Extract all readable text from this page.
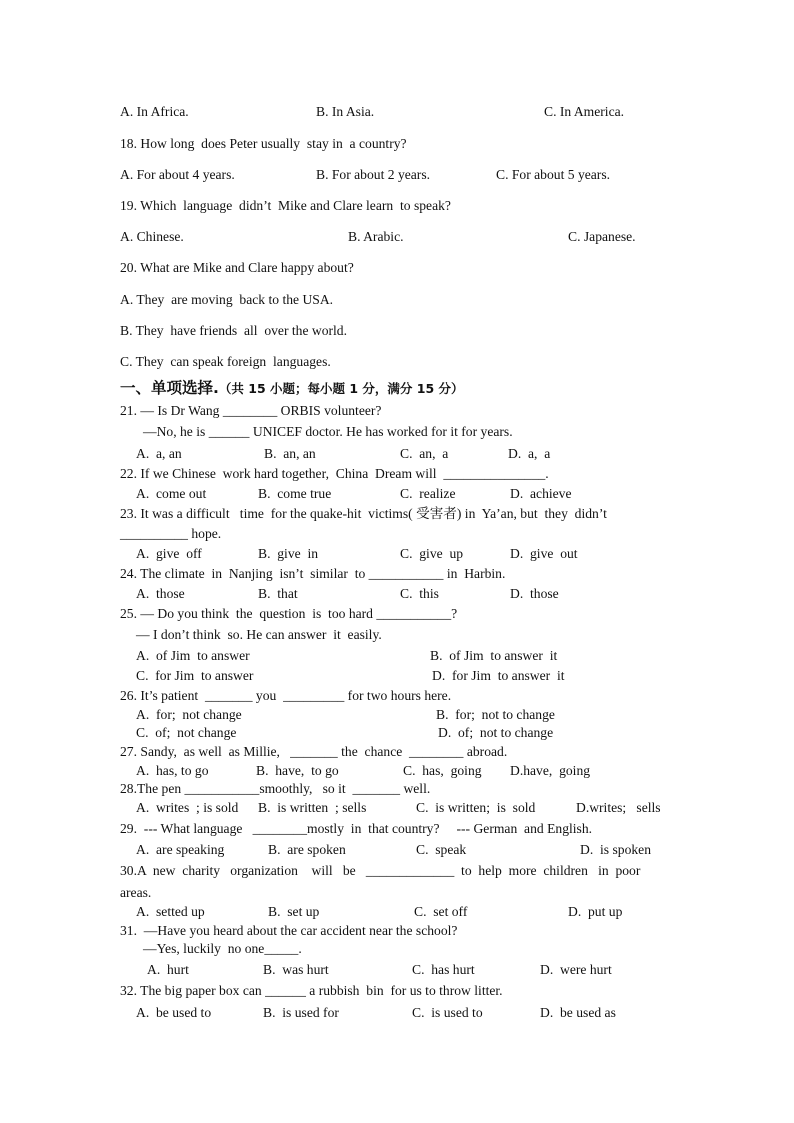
A. In Africa.	B. In Asia.	C. In America.
18. How long  does Peter usually  stay in  a country?
A. For about 4 years.	B. For about 2 years.	C. For about 5 years.
19. Which  language  didn’t  Mike and Clare learn  to speak?
A. Chinese.	B. Arabic.	C. Japanese.
20. What are Mike and Clare happy about?
A. They  are moving  back to the USA.
B. They  have friends  all  over the world.
C. They  can speak foreign  languages.
一、单项选择.（共 15 小题；每小题 1 分，满分 15 分）
21. — Is Dr Wang ________ ORBIS volunteer?
—No, he is ______ UNICEF doctor. He has worked for it for years.
A.  a, an	B.  an, an	C.  an,  a	D.  a,  a
22. If we Chinese  work hard together,  China  Dream will  _______________.
A.  come out	B.  come true	C.  realize	D.  achieve
23. It was a difficult   time  for the quake-hit  victims( 受害者) in  Ya’an, but  they  didn’t
__________ hope.
A.  give  off	B.  give  in	C.  give  up	D.  give  out
24. The climate  in  Nanjing  isn’t  similar  to ___________ in  Harbin.
A.  those	B.  that	C.  this	D.  those
25. — Do you think  the  question  is  too hard ___________?
— I don’t think  so. He can answer  it  easily.
A.  of Jim  to answer	B.  of Jim  to answer  it
C.  for Jim  to answer	D.  for Jim  to answer  it
26. It’s patient  _______ you  _________ for two hours here.
A.  for;  not change	B.  for;  not to change
C.  of;  not change	D.  of;  not to change
27. Sandy,  as well  as Millie,   _______ the  chance  ________ abroad.
A.  has, to go	B.  have,  to go	C.  has,  going D.have,  going
28.The pen ___________smoothly,   so it  _______ well.
A.  writes  ; is sold B.  is written  ; sells	C.  is written;  is  sold	D.writes;   sells
29.  --- What language   ________mostly  in  that country?     --- German  and English.
A.  are speaking	B.  are spoken	C.  speak	D.  is spoken
30.A  new  charity   organization    will   be   _____________  to  help  more  children   in  poor
areas.
A.  setted up	B.  set up	C.  set off	D.  put up
31.  —Have you heard about the car accident near the school?
—Yes, luckily  no one_____.
A.  hurt	B.  was hurt	C.  has hurt	D.  were hurt
32. The big paper box can ______ a rubbish  bin  for us to throw litter.
A.  be used to	B.  is used for	C.  is used to	D.  be used as
